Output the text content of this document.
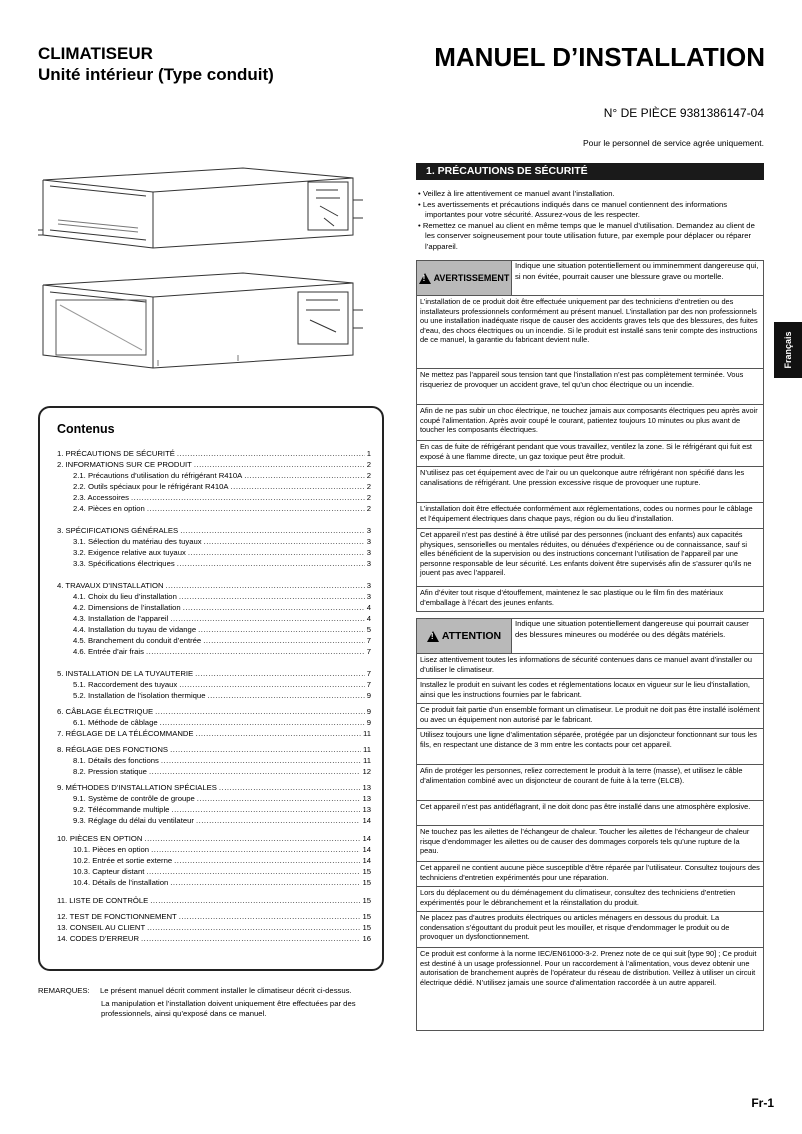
CLIMATISEUR
Unité intérieur (Type conduit)
MANUEL D’INSTALLATION
N° DE PIÈCE 9381386147-04
Pour le personnel de service agrée uniquement.
Contenus
1. PRÉCAUTIONS DE SÉCURITÉ .....	1
2. INFORMATIONS SUR CE PRODUIT .....	2
2.1. Précautions d’utilisation du réfrigérant R410A .....	2
2.2. Outils spéciaux pour le réfrigérant R410A .....	2
2.3. Accessoires .....	2
2.4. Pièces en option .....	2
3. SPÉCIFICATIONS GÉNÉRALES .....	3
3.1. Sélection du matériau des tuyaux .....	3
3.2. Exigence relative aux tuyaux .....	3
3.3. Spécifications électriques .....	3
4. TRAVAUX D’INSTALLATION .....	3
4.1. Choix du lieu d’installation .....	3
4.2. Dimensions de l’installation .....	4
4.3. Installation de l’appareil .....	4
4.4. Installation du tuyau de vidange .....	5
4.5. Branchement du conduit d’entrée .....	7
4.6. Entrée d’air frais .....	7
5. INSTALLATION DE LA TUYAUTERIE .....	7
5.1. Raccordement des tuyaux .....	7
5.2. Installation de l’isolation thermique .....	9
6. CÂBLAGE ÉLECTRIQUE .....	9
6.1. Méthode de câblage .....	9
7. RÉGLAGE DE LA TÉLÉCOMMANDE .....	11
8. RÉGLAGE DES FONCTIONS .....	11
8.1. Détails des fonctions .....	11
8.2. Pression statique .....	12
9. MÉTHODES D’INSTALLATION SPÉCIALES .....	13
9.1. Système de contrôle de groupe .....	13
9.2. Télécommande multiple .....	13
9.3. Réglage du délai du ventilateur .....	14
10. PIÈCES EN OPTION .....	14
10.1. Pièces en option .....	14
10.2. Entrée et sortie externe .....	14
10.3. Capteur distant .....	15
10.4. Détails de l’installation .....	15
11. LISTE DE CONTRÔLE .....	15
12. TEST DE FONCTIONNEMENT .....	15
13. CONSEIL AU CLIENT .....	15
14. CODES D’ERREUR .....	16
REMARQUES: Le présent manuel décrit comment installer le climatiseur décrit ci-dessus.

La manipulation et l’installation doivent uniquement être effectuées par des professionnels, ainsi qu’exposé dans ce manuel.

1. PRÉCAUTIONS DE SÉCURITÉ

• Veillez à lire attentivement ce manuel avant l’installation.

• Les avertissements et précautions indiqués dans ce manuel contiennent des informations importantes pour votre sécurité. Assurez-vous de les respecter.

• Remettez ce manuel au client en même temps que le manuel d’utilisation. Demandez au client de les conserver soigneusement pour toute utilisation future, par exemple pour déplacer ou réparer l’appareil.

!
AVERTISSEMENT
Indique une situation potentiellement ou imminemment dangereuse qui, si non évitée, pourrait causer une blessure grave ou mortelle.
L’installation de ce produit doit être effectuée uniquement par des techniciens d’entretien ou des installateurs professionnels conformément au présent manuel. L’installation par des non professionnels ou une installation inadéquate risque de causer des accidents graves tels que des blessures, des fuites d’eau, des chocs électriques ou un incendie. Si le produit est installé sans tenir compte des instructions de ce manuel, la garantie du fabricant devient nulle.
Ne mettez pas l’appareil sous tension tant que l’installation n’est pas complètement terminée. Vous risqueriez de provoquer un accident grave, tel qu’un choc électrique ou un incendie.
Afin de ne pas subir un choc électrique, ne touchez jamais aux composants électriques peu après avoir coupé l’alimentation. Après avoir coupé le courant, patientez toujours 10 minutes ou plus avant de toucher les composants électriques.
En cas de fuite de réfrigérant pendant que vous travaillez, ventilez la zone. Si le réfrigérant qui fuit est exposé à une flamme directe, un gaz toxique peut être produit.
N’utilisez pas cet équipement avec de l’air ou un quelconque autre réfrigérant non spécifié dans les canalisations de réfrigérant. Une pression excessive risque de provoquer une rupture.
L’installation doit être effectuée conformément aux réglementations, codes ou normes pour le câblage et l’équipement électriques dans chaque pays, région ou du lieu d’installation.
Cet appareil n’est pas destiné à être utilisé par des personnes (incluant des enfants) aux capacités physiques, sensorielles ou mentales réduites, ou dénuées d’expérience ou de connaissance, sauf si elles bénéficient de la supervision ou des instructions concernant l’utilisation de l’appareil par une personne responsable de leur sécurité. Les enfants doivent être supervisés afin de s’assurer qu’ils ne jouent pas avec l’appareil.
Afin d’éviter tout risque d’étouffement, maintenez le sac plastique ou le film fin des matériaux d’emballage à l’écart des jeunes enfants.
!
ATTENTION
Indique une situation potentiellement dangereuse qui pourrait causer des blessures mineures ou modérée ou des dégâts matériels.
Lisez attentivement toutes les informations de sécurité contenues dans ce manuel avant d’installer ou d’utiliser le climatiseur.
Installez le produit en suivant les codes et réglementations locaux en vigueur sur le lieu d’installation, ainsi que les instructions fournies par le fabricant.
Ce produit fait partie d’un ensemble formant un climatiseur. Le produit ne doit pas être installé isolément ou avec un équipement non autorisé par le fabricant.
Utilisez toujours une ligne d’alimentation séparée, protégée par un disjoncteur fonctionnant sur tous les fils, en respectant une distance de 3 mm entre les contacts pour cet appareil.
Afin de protéger les personnes, reliez correctement le produit à la terre (masse), et utilisez le câble d’alimentation combiné avec un disjoncteur de courant de fuite à la terre (ELCB).
Cet appareil n’est pas antidéflagrant, il ne doit donc pas être installé dans une atmosphère explosive.
Ne touchez pas les ailettes de l’échangeur de chaleur. Toucher les ailettes de l’échangeur de chaleur risque d’endommager les ailettes ou de causer des dommages corporels tels qu’une rupture de la peau.
Cet appareil ne contient aucune pièce susceptible d’être réparée par l’utilisateur. Consultez toujours des techniciens d’entretien expérimentés pour une réparation.
Lors du déplacement ou du déménagement du climatiseur, consultez des techniciens d’entretien expérimentés pour le débranchement et la réinstallation du produit.
Ne placez pas d’autres produits électriques ou articles ménagers en dessous du produit. La condensation s’égouttant du produit peut les mouiller, et risque d’endommager le produit ou de provoquer un dysfonctionnement.
Ce produit est conforme à la norme IEC/EN61000-3-2. Prenez note de ce qui suit [type 90] ; Ce produit est destiné à un usage professionnel. Pour un raccordement à l’alimentation, vous devez obtenir une autorisation de branchement auprès de l’opérateur du réseau de distribution. Veillez à utiliser un circuit électrique dédié. N’utilisez jamais une source d’alimentation raccordée à un autre appareil.
Français
Fr-1
